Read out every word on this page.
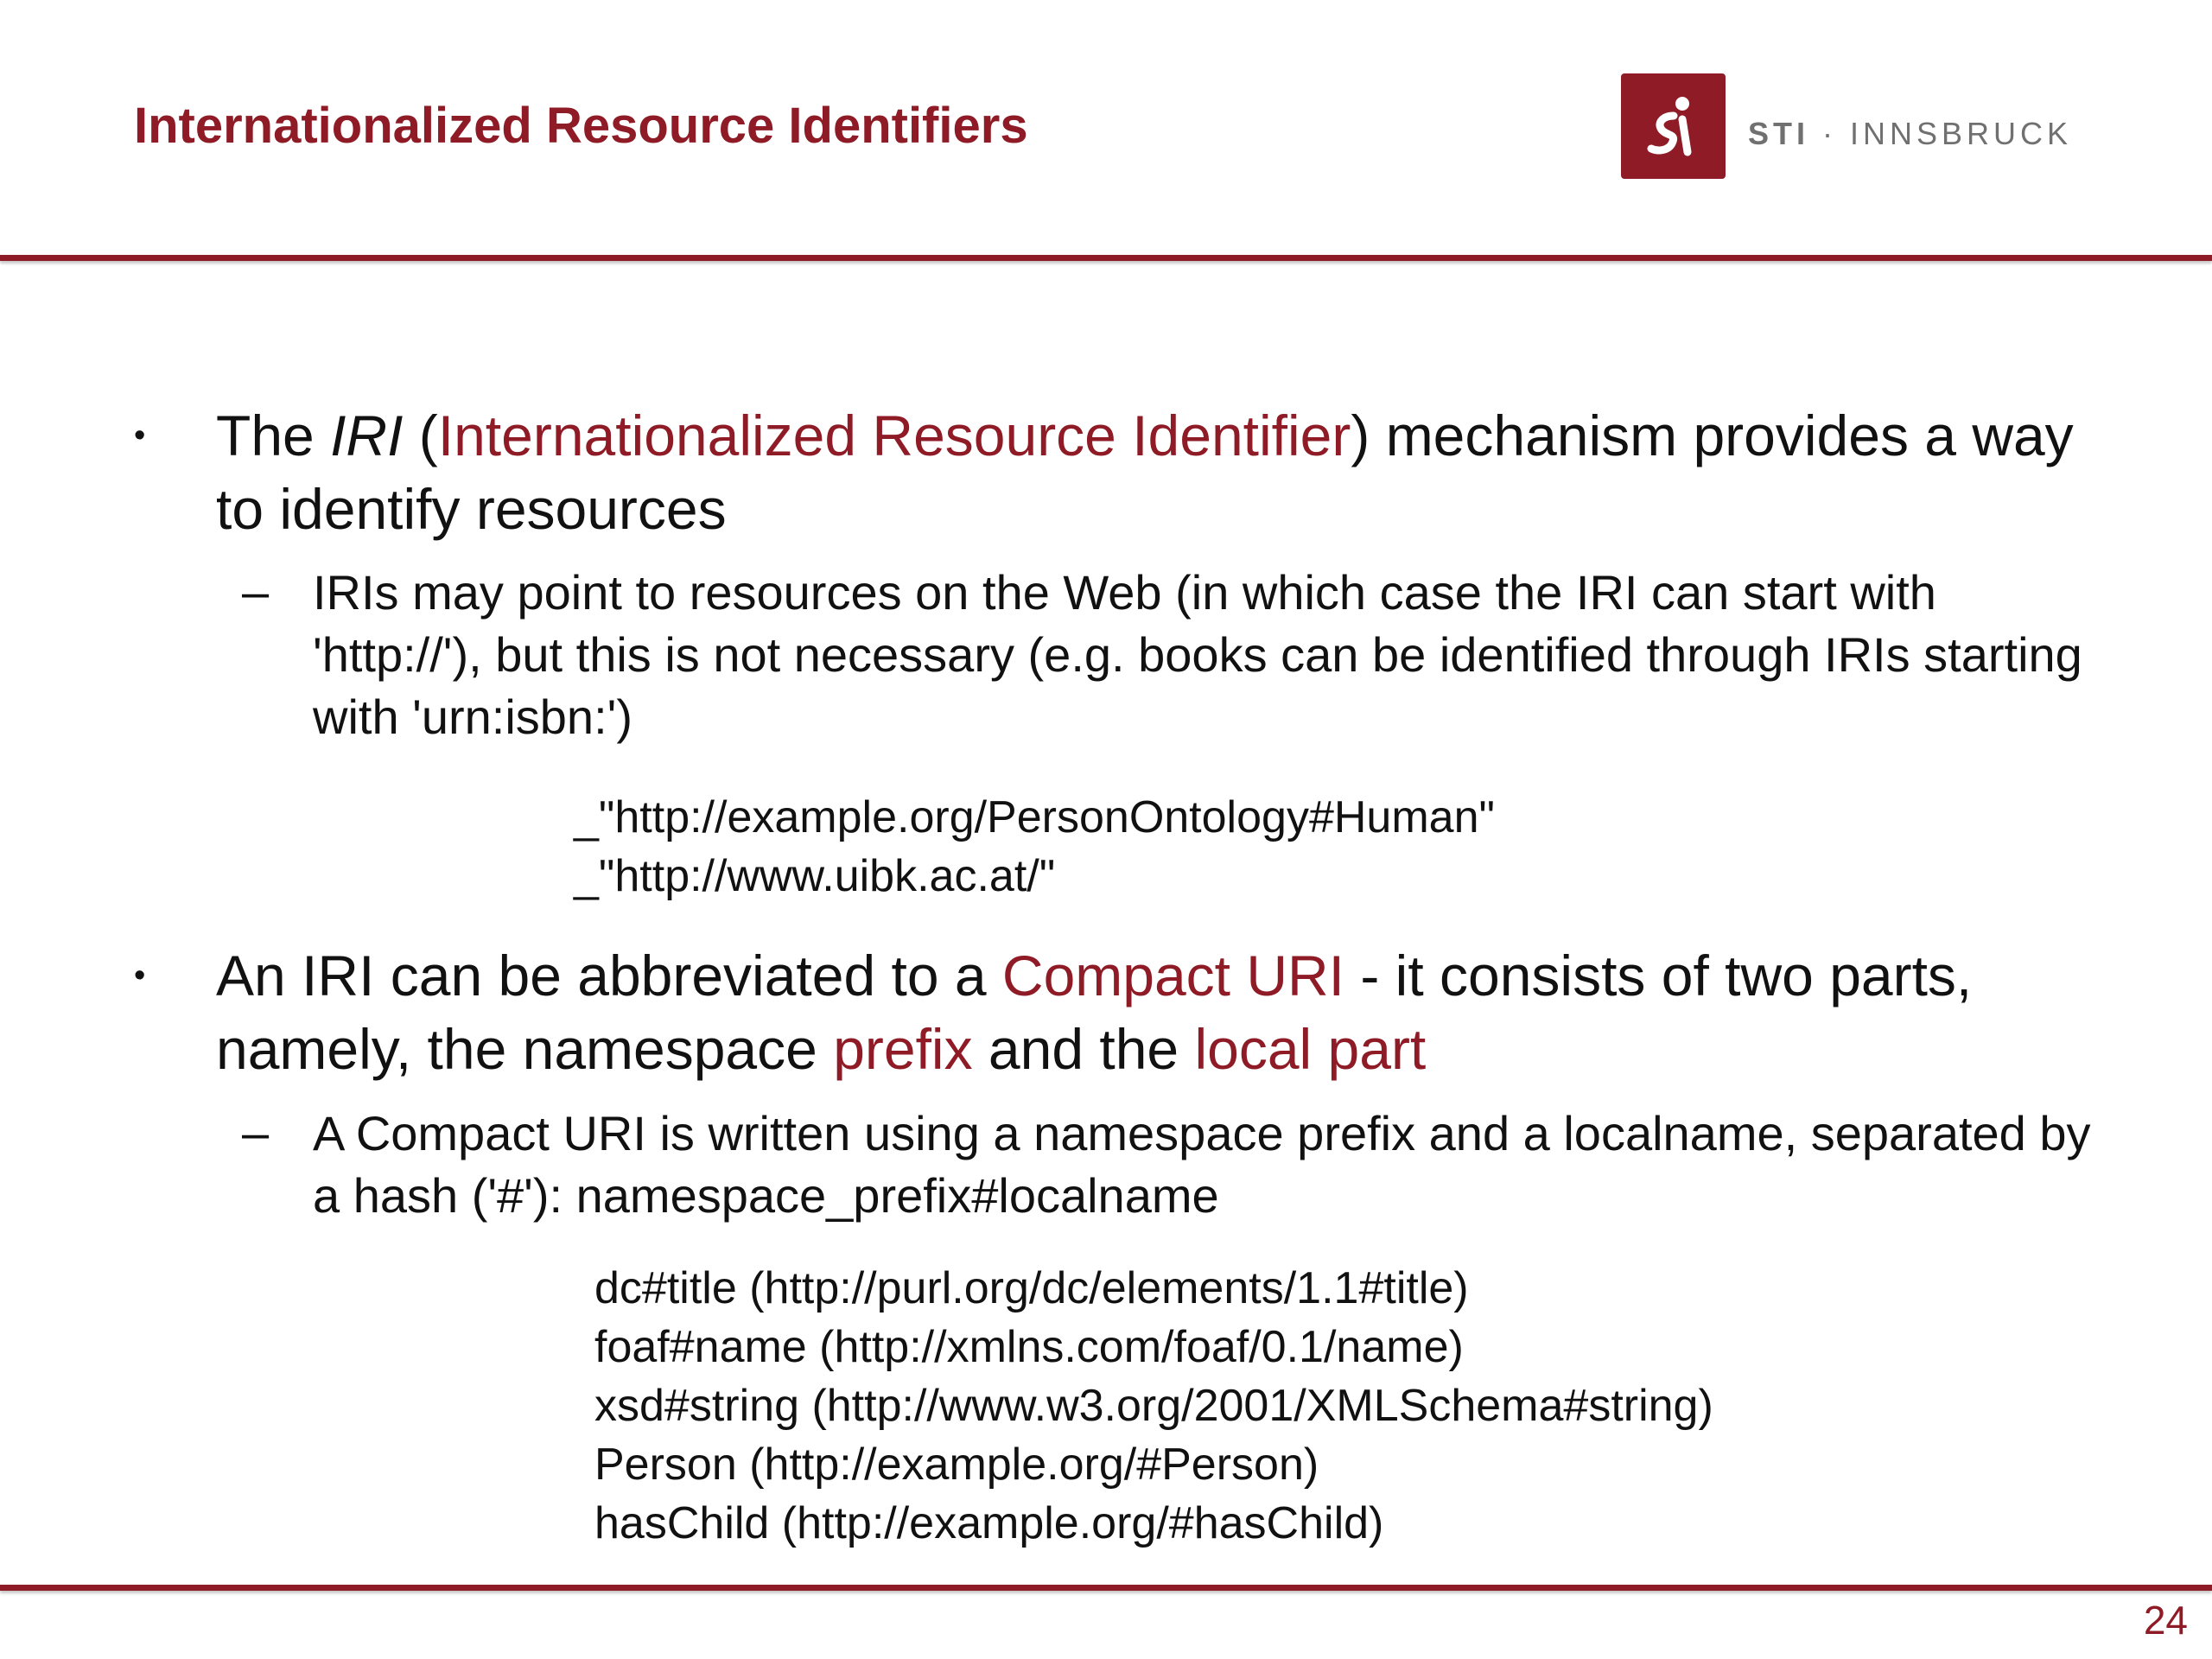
Internationalized Resource Identifiers	STI · INNSBRUCK
• The IRI (Internationalized Resource Identifier) mechanism provides a way to identify resources
– IRIs may point to resources on the Web (in which case the IRI can start with 'http://'), but this is not necessary (e.g. books can be identified through IRIs starting with 'urn:isbn:')
_"http://example.org/PersonOntology#Human"
_"http://www.uibk.ac.at/"
• An IRI can be abbreviated to a Compact URI - it consists of two parts, namely, the namespace prefix and the local part
– A Compact URI is written using a namespace prefix and a localname, separated by a hash ('#'): namespace_prefix#localname
dc#title (http://purl.org/dc/elements/1.1#title)
foaf#name (http://xmlns.com/foaf/0.1/name)
xsd#string (http://www.w3.org/2001/XMLSchema#string)
Person (http://example.org/#Person)
hasChild (http://example.org/#hasChild)
24
